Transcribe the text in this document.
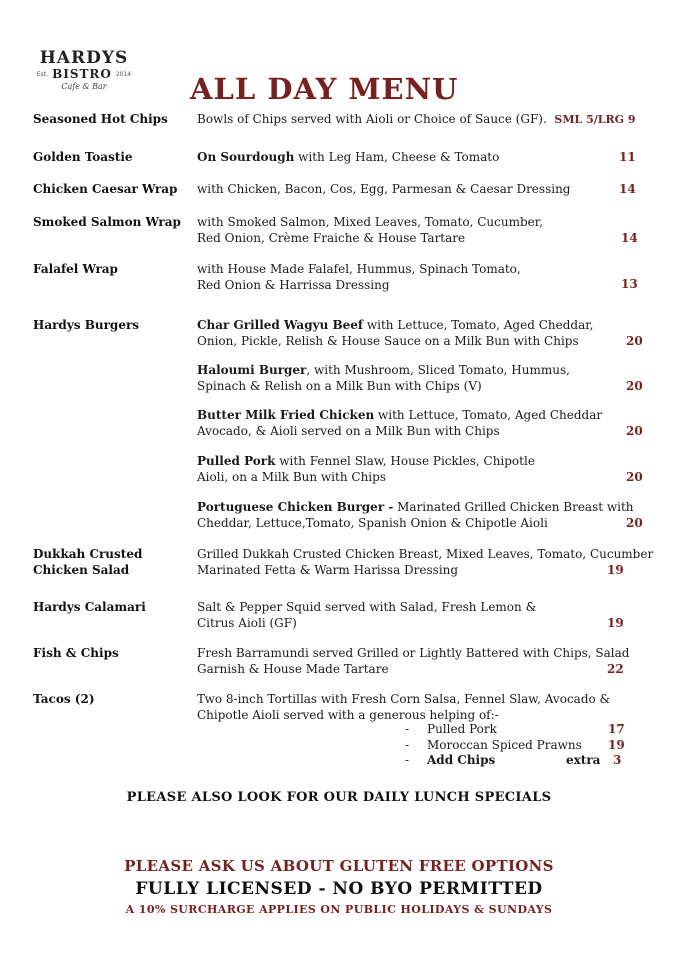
HARDYS
Est. BISTRO 2014
Cafe & Bar	ALL DAY MENU
Seasoned Hot Chips	Bowls of Chips served with Aioli or Choice of Sauce (GF). SML 5/LRG 9
Golden Toastie	On Sourdough with Leg Ham, Cheese & Tomato	11
Chicken Caesar Wrap	with Chicken, Bacon, Cos, Egg, Parmesan & Caesar Dressing	14
Smoked Salmon Wrap	with Smoked Salmon, Mixed Leaves, Tomato, Cucumber,
Red Onion, Crème Fraiche & House Tartare	14
Falafel Wrap	with House Made Falafel, Hummus, Spinach Tomato,
Red Onion & Harrissa Dressing	13
Hardys Burgers	Char Grilled Wagyu Beef with Lettuce, Tomato, Aged Cheddar,
Onion, Pickle, Relish & House Sauce on a Milk Bun with Chips	20
Haloumi Burger, with Mushroom, Sliced Tomato, Hummus,
Spinach & Relish on a Milk Bun with Chips (V)	20
Butter Milk Fried Chicken with Lettuce, Tomato, Aged Cheddar
Avocado, & Aioli served on a Milk Bun with Chips	20
Pulled Pork with Fennel Slaw, House Pickles, Chipotle
Aioli, on a Milk Bun with Chips	20
Portuguese Chicken Burger - Marinated Grilled Chicken Breast with
Cheddar, Lettuce,Tomato, Spanish Onion & Chipotle Aioli	20
Dukkah Crusted
Chicken Salad
Grilled Dukkah Crusted Chicken Breast, Mixed Leaves, Tomato, Cucumber
Marinated Fetta & Warm Harissa Dressing	19
Hardys Calamari	Salt & Pepper Squid served with Salad, Fresh Lemon &
Citrus Aioli (GF)	19
Fish & Chips	Fresh Barramundi served Grilled or Lightly Battered with Chips, Salad
Garnish & House Made Tartare	22
Tacos (2)	Two 8-inch Tortillas with Fresh Corn Salsa, Fennel Slaw, Avocado &
Chipotle Aioli served with a generous helping of:-
- Pulled Pork	17
- Moroccan Spiced Prawns 19
- Add Chips	extra 3
PLEASE ALSO LOOK FOR OUR DAILY LUNCH SPECIALS
PLEASE ASK US ABOUT GLUTEN FREE OPTIONS
FULLY LICENSED - NO BYO PERMITTED
A 10% SURCHARGE APPLIES ON PUBLIC HOLIDAYS & SUNDAYS
